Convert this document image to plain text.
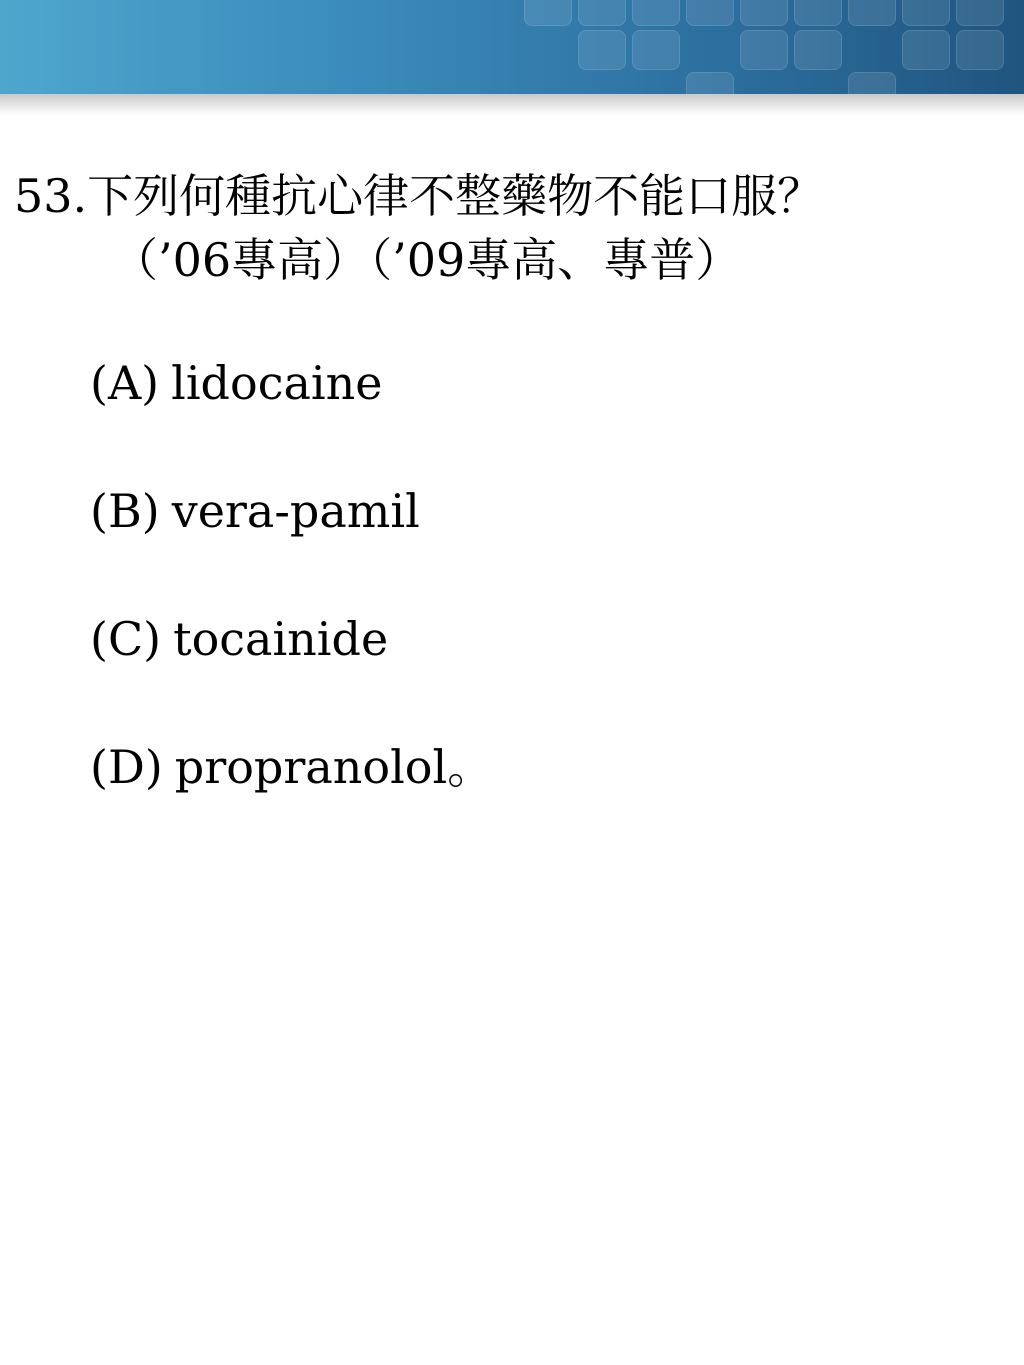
53.下列何種抗心律不整藥物不能口服？
（’06專高）（’09專高、專普）
(A) lidocaine
(B) vera-pamil
(C) tocainide
(D) propranolol。
